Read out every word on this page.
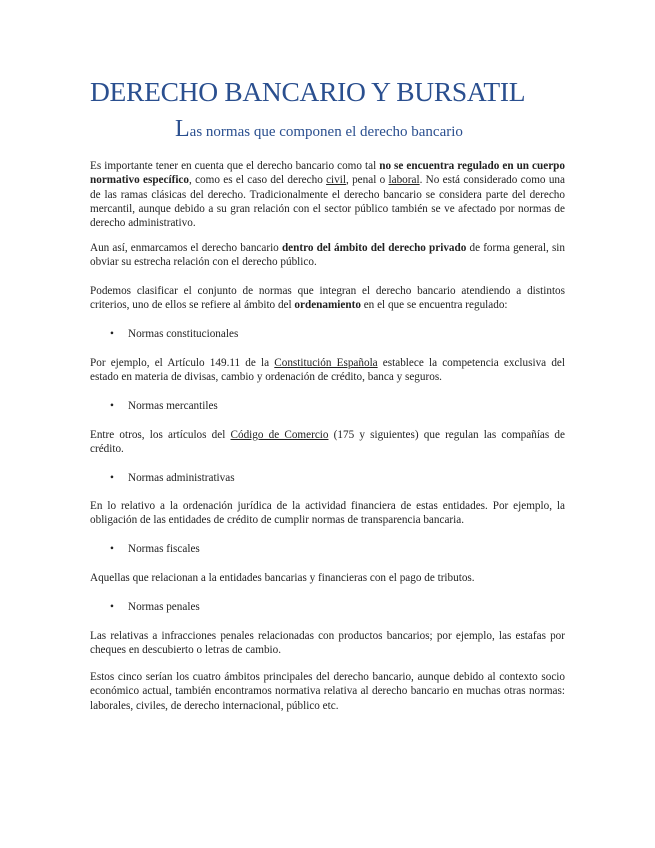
DERECHO BANCARIO Y BURSATIL
Las normas que componen el derecho bancario

Es importante tener en cuenta que el derecho bancario como tal no se encuentra regulado en un cuerpo normativo específico, como es el caso del derecho civil, penal o laboral. No está considerado como una de las ramas clásicas del derecho. Tradicionalmente el derecho bancario se considera parte del derecho mercantil, aunque debido a su gran relación con el sector público también se ve afectado por normas de derecho administrativo.

Aun así, enmarcamos el derecho bancario dentro del ámbito del derecho privado de forma general, sin obviar su estrecha relación con el derecho público.

Podemos clasificar el conjunto de normas que integran el derecho bancario atendiendo a distintos criterios, uno de ellos se refiere al ámbito del ordenamiento en el que se encuentra regulado:

• Normas constitucionales

Por ejemplo, el Artículo 149.11 de la Constitución Española establece la competencia exclusiva del estado en materia de divisas, cambio y ordenación de crédito, banca y seguros.

• Normas mercantiles

Entre otros, los artículos del Código de Comercio (175 y siguientes) que regulan las compañías de crédito.

• Normas administrativas

En lo relativo a la ordenación jurídica de la actividad financiera de estas entidades. Por ejemplo, la obligación de las entidades de crédito de cumplir normas de transparencia bancaria.

• Normas fiscales

Aquellas que relacionan a la entidades bancarias y financieras con el pago de tributos.

• Normas penales

Las relativas a infracciones penales relacionadas con productos bancarios; por ejemplo, las estafas por cheques en descubierto o letras de cambio.

Estos cinco serían los cuatro ámbitos principales del derecho bancario, aunque debido al contexto socio económico actual, también encontramos normativa relativa al derecho bancario en muchas otras normas: laborales, civiles, de derecho internacional, público etc.
